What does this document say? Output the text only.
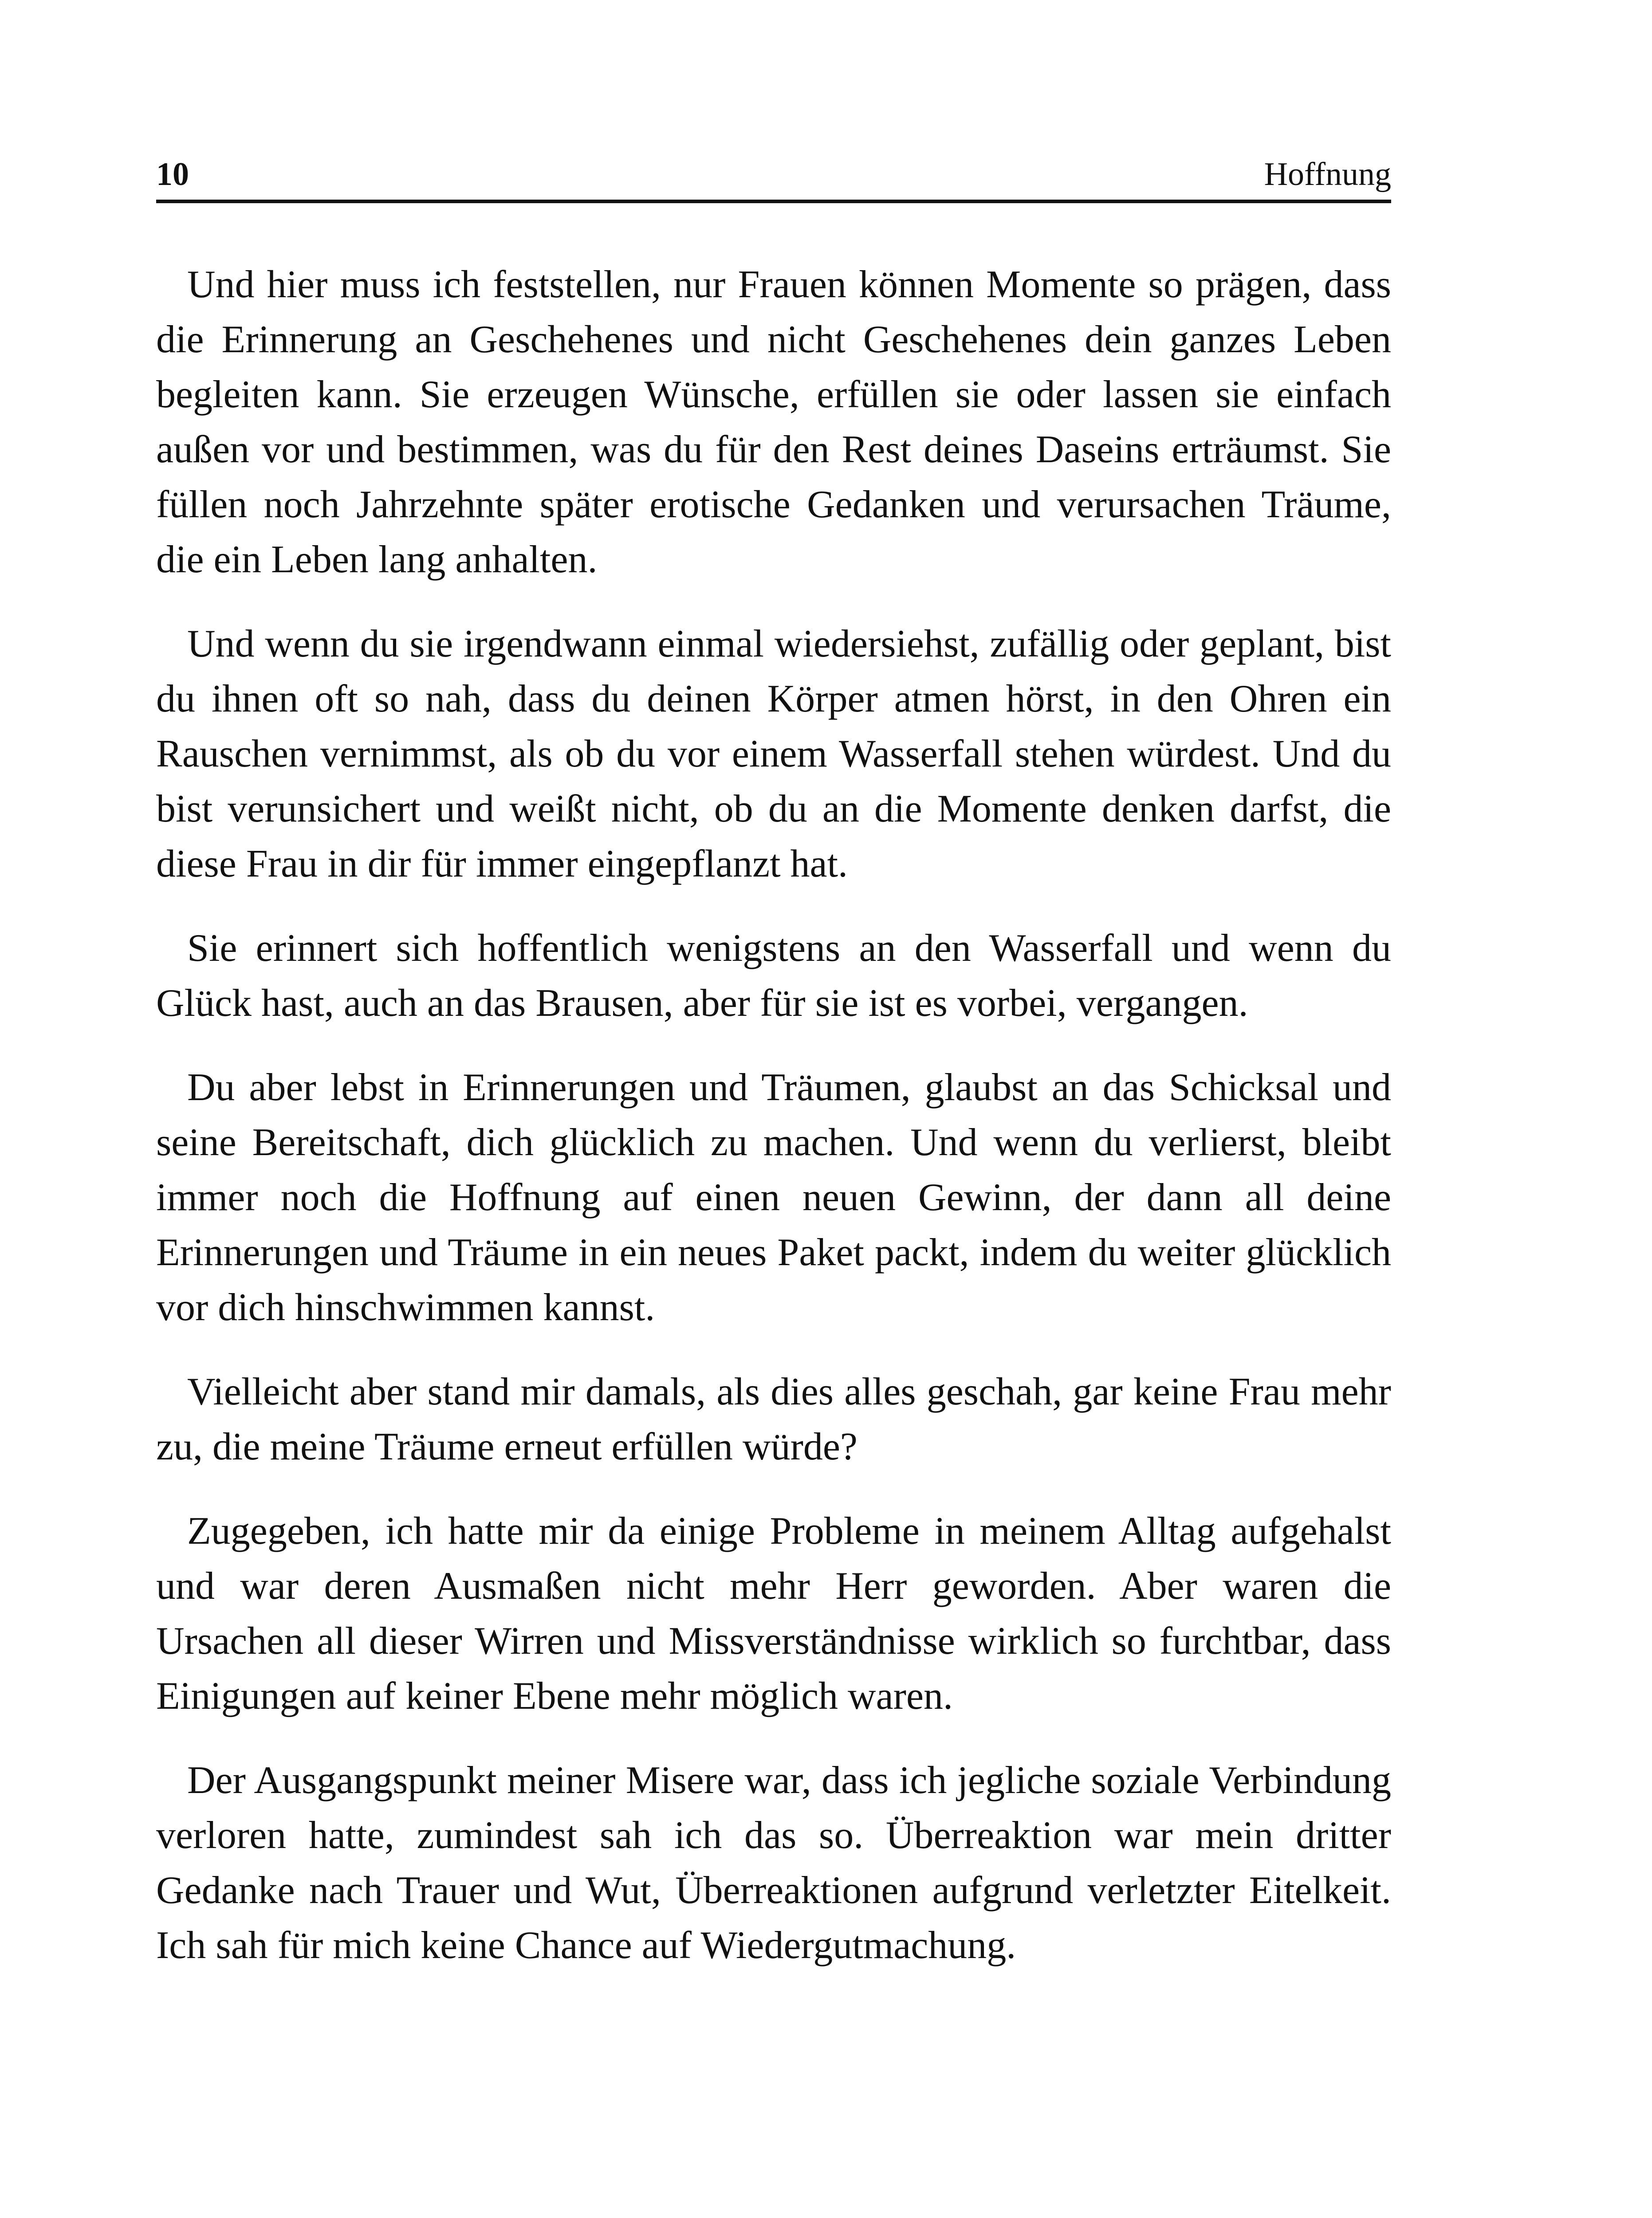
10	Hoffnung

Und hier muss ich feststellen, nur Frauen können Momente so prägen, dass die Erinnerung an Geschehenes und nicht Geschehenes dein ganzes Leben begleiten kann. Sie erzeugen Wünsche, erfüllen sie oder lassen sie einfach außen vor und bestimmen, was du für den Rest deines Daseins erträumst. Sie füllen noch Jahrzehnte später erotische Gedanken und verursachen Träume, die ein Leben lang anhalten.

Und wenn du sie irgendwann einmal wiedersiehst, zufällig oder geplant, bist du ihnen oft so nah, dass du deinen Körper atmen hörst, in den Ohren ein Rauschen vernimmst, als ob du vor einem Wasserfall stehen würdest. Und du bist verunsichert und weißt nicht, ob du an die Momente denken darfst, die diese Frau in dir für immer eingepflanzt hat.

Sie erinnert sich hoffentlich wenigstens an den Wasserfall und wenn du Glück hast, auch an das Brausen, aber für sie ist es vorbei, vergangen.

Du aber lebst in Erinnerungen und Träumen, glaubst an das Schicksal und seine Bereitschaft, dich glücklich zu machen. Und wenn du verlierst, bleibt immer noch die Hoffnung auf einen neuen Gewinn, der dann all deine Erinnerungen und Träume in ein neues Paket packt, indem du weiter glücklich vor dich hinschwimmen kannst.

Vielleicht aber stand mir damals, als dies alles geschah, gar keine Frau mehr zu, die meine Träume erneut erfüllen würde?

Zugegeben, ich hatte mir da einige Probleme in meinem Alltag aufgehalst und war deren Ausmaßen nicht mehr Herr geworden. Aber waren die Ursachen all dieser Wirren und Missverständnisse wirklich so furchtbar, dass Einigungen auf keiner Ebene mehr möglich waren.

Der Ausgangspunkt meiner Misere war, dass ich jegliche soziale Verbindung verloren hatte, zumindest sah ich das so. Überreaktion war mein dritter Gedanke nach Trauer und Wut, Überreaktionen aufgrund verletzter Eitelkeit. Ich sah für mich keine Chance auf Wiedergutmachung.
